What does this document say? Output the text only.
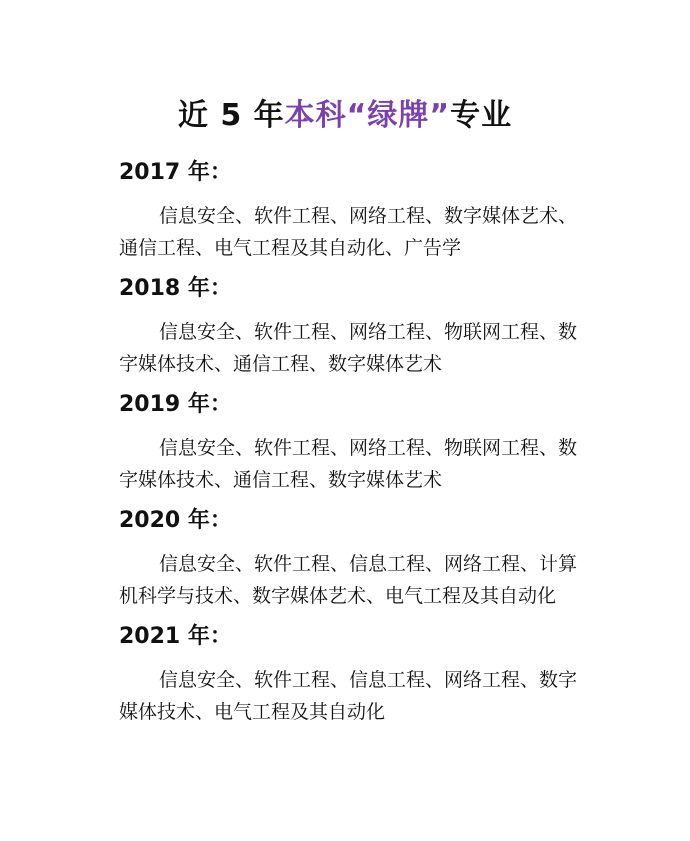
近 5 年本科“绿牌”专业
2017 年：
信息安全、软件工程、网络工程、数字媒体艺术、通信工程、电气工程及其自动化、广告学
2018 年：
信息安全、软件工程、网络工程、物联网工程、数字媒体技术、通信工程、数字媒体艺术
2019 年：
信息安全、软件工程、网络工程、物联网工程、数字媒体技术、通信工程、数字媒体艺术
2020 年：
信息安全、软件工程、信息工程、网络工程、计算机科学与技术、数字媒体艺术、电气工程及其自动化
2021 年：
信息安全、软件工程、信息工程、网络工程、数字媒体技术、电气工程及其自动化
